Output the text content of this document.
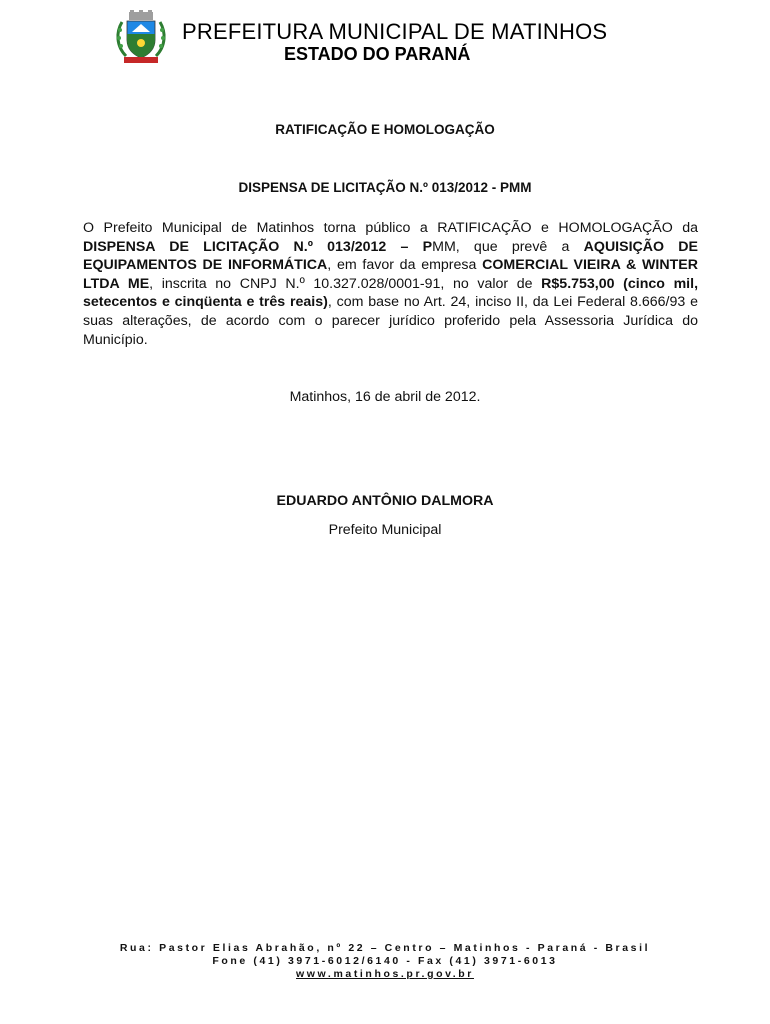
PREFEITURA MUNICIPAL DE MATINHOS
ESTADO DO PARANÁ
RATIFICAÇÃO E HOMOLOGAÇÃO
DISPENSA DE LICITAÇÃO N.º 013/2012 - PMM
O Prefeito Municipal de Matinhos torna público a RATIFICAÇÃO e HOMOLOGAÇÃO da DISPENSA DE LICITAÇÃO N.º 013/2012 – PMM, que prevê a AQUISIÇÃO DE EQUIPAMENTOS DE INFORMÁTICA, em favor da empresa COMERCIAL VIEIRA & WINTER LTDA ME, inscrita no CNPJ N.º 10.327.028/0001-91, no valor de R$5.753,00 (cinco mil, setecentos e cinqüenta e três reais), com base no Art. 24, inciso II, da Lei Federal 8.666/93 e suas alterações, de acordo com o parecer jurídico proferido pela Assessoria Jurídica do Município.
Matinhos, 16 de abril de 2012.
EDUARDO ANTÔNIO DALMORA
Prefeito Municipal
Rua: Pastor Elias Abrahão, nº 22 – Centro – Matinhos - Paraná - Brasil
Fone (41) 3971-6012/6140 - Fax (41) 3971-6013
www.matinhos.pr.gov.br
